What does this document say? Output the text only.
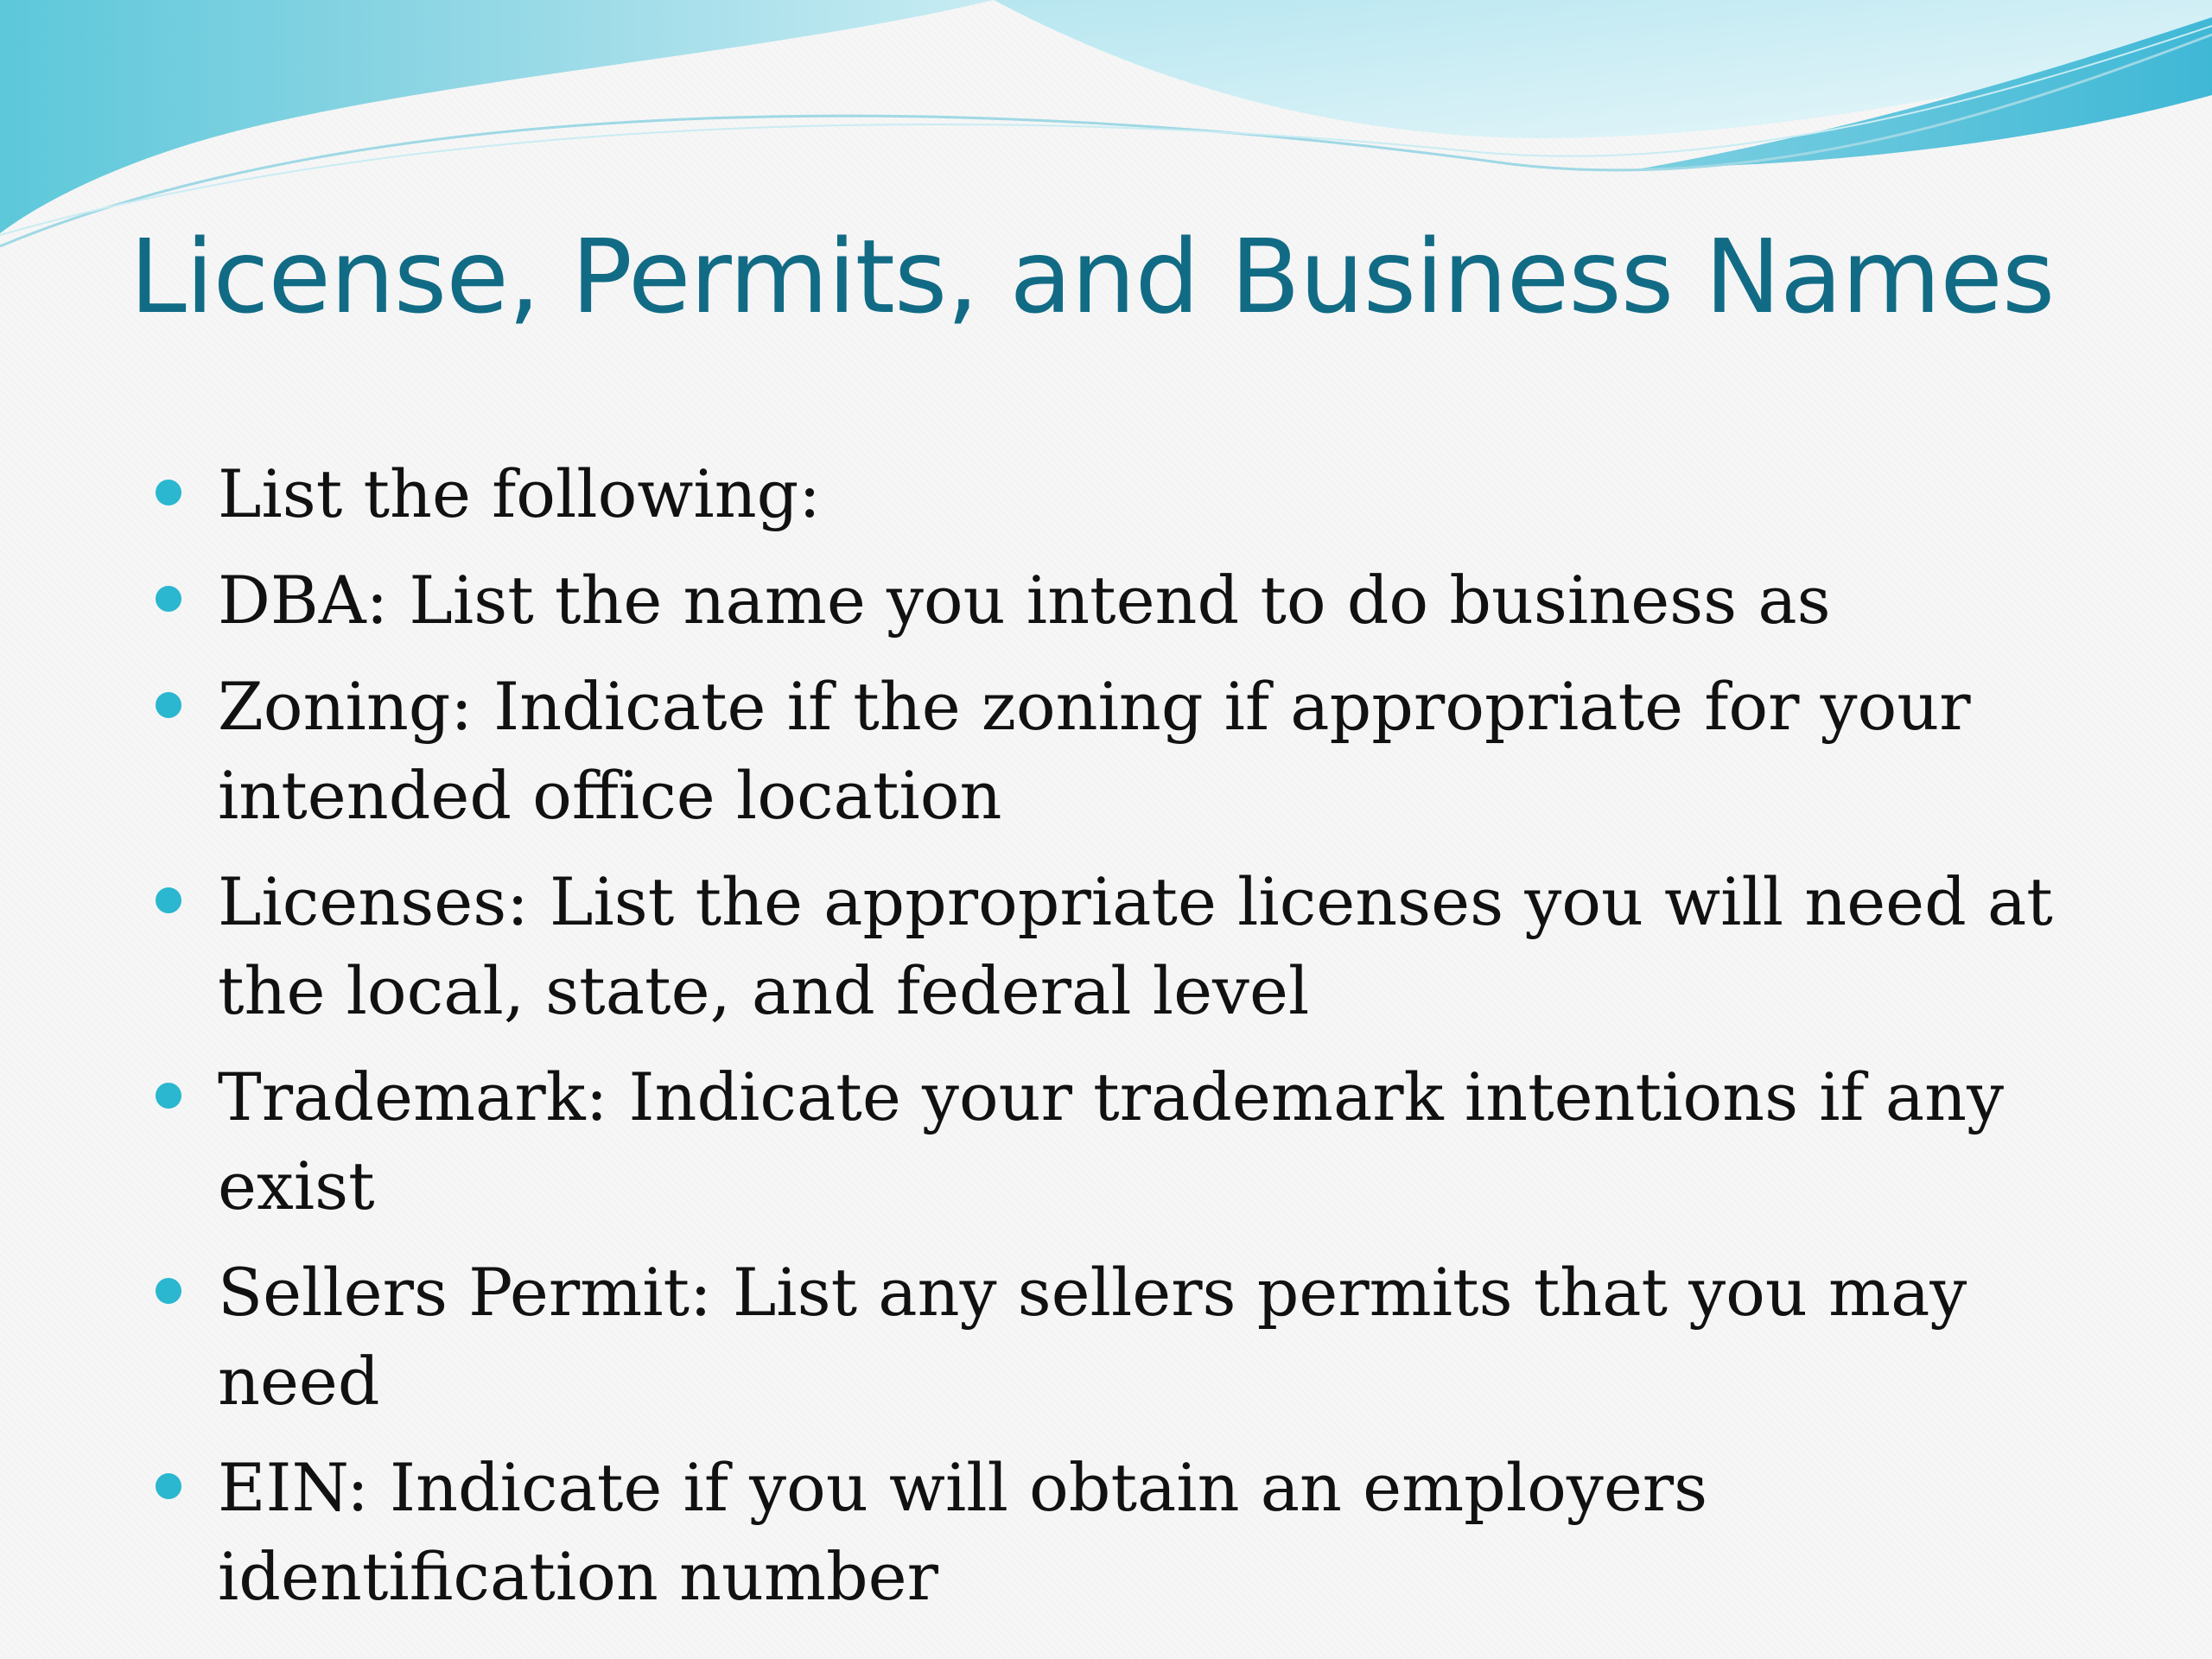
License, Permits, and Business Names
List the following:
DBA: List the name you intend to do business as
Zoning: Indicate if the zoning if appropriate for your intended office location
Licenses: List the appropriate licenses you will need at the local, state, and federal level
Trademark: Indicate your trademark intentions if any exist
Sellers Permit: List any sellers permits that you may need
EIN: Indicate if you will obtain an employers identification number
